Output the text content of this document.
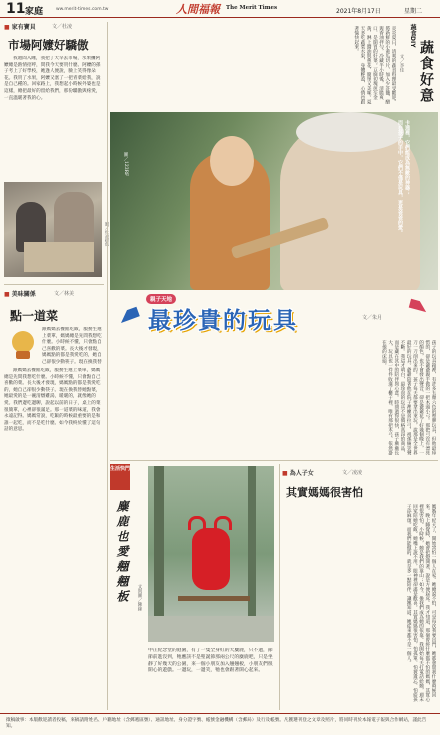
11 家庭	ww.merit-times.com.tw	人間福報 The Merit Times	2021年8月17日	星期二
■ 家有寶貝	文／杜凌
市場阿嬤好驕傲
我週間入睡，我把了大早去市場，水果攤阿嬤總是熱情招呼，問我今天要買什麼。阿嬤的孫子考上了好學校，她逢人便說，臉上笑得像朵花。我買了水果，阿嬤又塞了一把青菜給我，說是自己種的。回家路上，我想起小時候外婆也是這樣，總把最好的留給我們，那份驕傲與疼愛，一直溫暖著我的心。
■ 美味關係	文／林美
點一道菜
跟媽媽去餐館吃飯，服務生遞上菜單，媽媽總是先問我想吃什麼。小時候不懂，只會點自己喜歡的菜。長大後才發現，媽媽點的都是我愛吃的，她自己卻很少動筷子。現在換我替
跟媽媽去餐館吃飯，服務生遞上菜單，媽媽總是先問我想吃什麼。小時候不懂，只會點自己喜歡的菜。長大後才發現，媽媽點的都是我愛吃的，她自己卻很少動筷子。現在換我替她點菜，她最愛的是一碗清燉雞湯，暖暖的，就像她的愛。我們邊吃邊聊，說起以前的日子，桌上的菜很簡單，心裡卻很滿足。那一道菜的味道，我會永遠記得。媽媽常說，吃飯的時候最重要的是和誰一起吃，而不是吃什麼。如今我終於懂了這句話的意思。
炎炎夏日，清爽的蔬食料理最受歡迎。將新鮮的小黃瓜切片，加入少許鹽、醋與香油拌勻，冷藏半小時後，清脆爽口，是開胃的好菜。豆腐切塊煎至金黃，淋上醬油與蔥花，簡單又美味。夏天多吃蔬菜水果，身體輕盈，心情也跟著愉快起來。	蔬食DIY
蔬食好意
文／李佳

卡通裡，它們能成為無敵的神器；
而在孩子的手中，它們不僅是玩具，更是爸爸的愛。

圖／123RF
親子天地
最珍貴的玩具	文／朱月
孩子的玩具箱裡，有許多五顏六色的塑膠玩具，但他最珍惜的，卻是爺爺親手做的一把木頭小弓。那把弓沒有漂亮的顏色，也不會發出聲音，卻是爺爺花了好幾個晚上，一刀一刀削出來的。孩子每天都要拿出來玩，說那是全世界最好的玩具。爺爺陪著他在院子裡練習拉弓，祖孫倆笑聲不斷。我這才明白，最珍貴的玩具不是價格高昂的商品，而是藏在其中的陪伴與心意。時間過得很快，孩子漸漸長大，玩具也一件件收進了櫃子裡，唯有那把木弓，依然掛在他的床頭。
生活快門
麋鹿也愛翹翹板	文與圖／陳絲
中正紀念堂的庭園，有了一隻全身紅的大麋鹿，只不過，節節前進沒到，牠應該不是聖誕節那兩公尺的麋鹿吧，只是坐靜了好幾天的公園，來一個小朋友加入翹翹板，小朋友們很開心的遊戲。一邊玩，一邊笑，牠也會跟著開心起來。
■ 為人子女	文／凌凌
其實媽媽很害怕
媽媽年紀大了，開始害怕一個人在家。她總說不怕，可是每次我要出門，她都會問我什麼時候回來。晚上睡覺時，她會把燈開著，說是方便起床。我才知道，那個曾經什麼都不怕的媽媽，其實心裡很害怕。小時候，她是我們的靠山；如今，換我們成為她的依靠。我開始每天打電話給她，週末回家陪她吃飯。她嘴上說不用，眼神裡卻滿是歡喜。其實媽媽很害怕，怕孤單，怕被遺忘，怕給孩子添麻煩。而我們能做的，就是多一點陪伴，讓她知道，她從來都不是一個人。
徵稿啟事：本版歡迎讀者投稿，來稿請附姓名、戶籍地址（含郵遞區號）、通訊地址、身分證字號、帳號金融機構（含郵局）及行及帳號。凡獲選刊登之文章及照片，將同時刊於本報電子報與合作網站，謹此告知。
